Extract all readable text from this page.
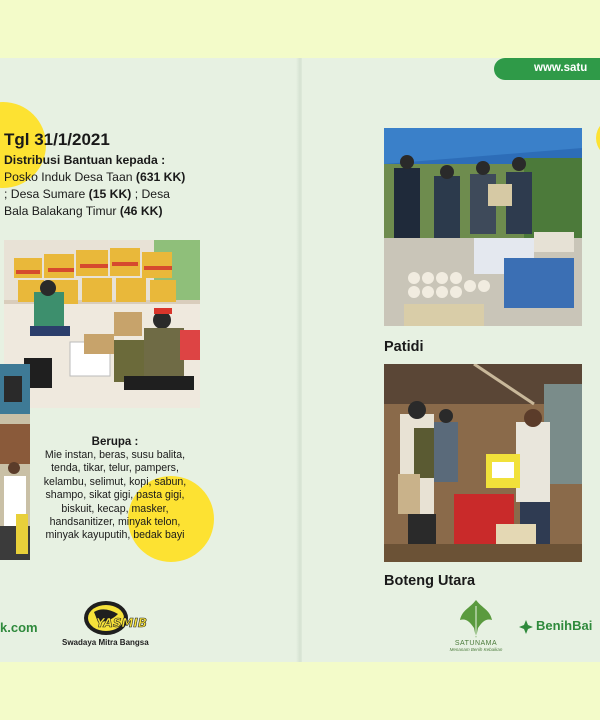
Tgl 31/1/2021
Distribusi Bantuan kepada :
Posko Induk Desa Taan (631 KK)
; Desa Sumare (15 KK) ; Desa
Bala Balakang Timur (46 KK)
Berupa :
Mie instan, beras, susu balita,
tenda, tikar, telur, pampers,
kelambu, selimut, kopi, sabun,
shampo, sikat gigi, pasta gigi,
biskuit, kecap, masker,
handsanitizer, minyak telon,
minyak kayuputih, bedak bayi
k.com	YASMIB
Swadaya Mitra Bangsa
www.satu
Patidi
Boteng Utara
SATUNAMA
Menanam Benih Kebaikan
BenihBai
